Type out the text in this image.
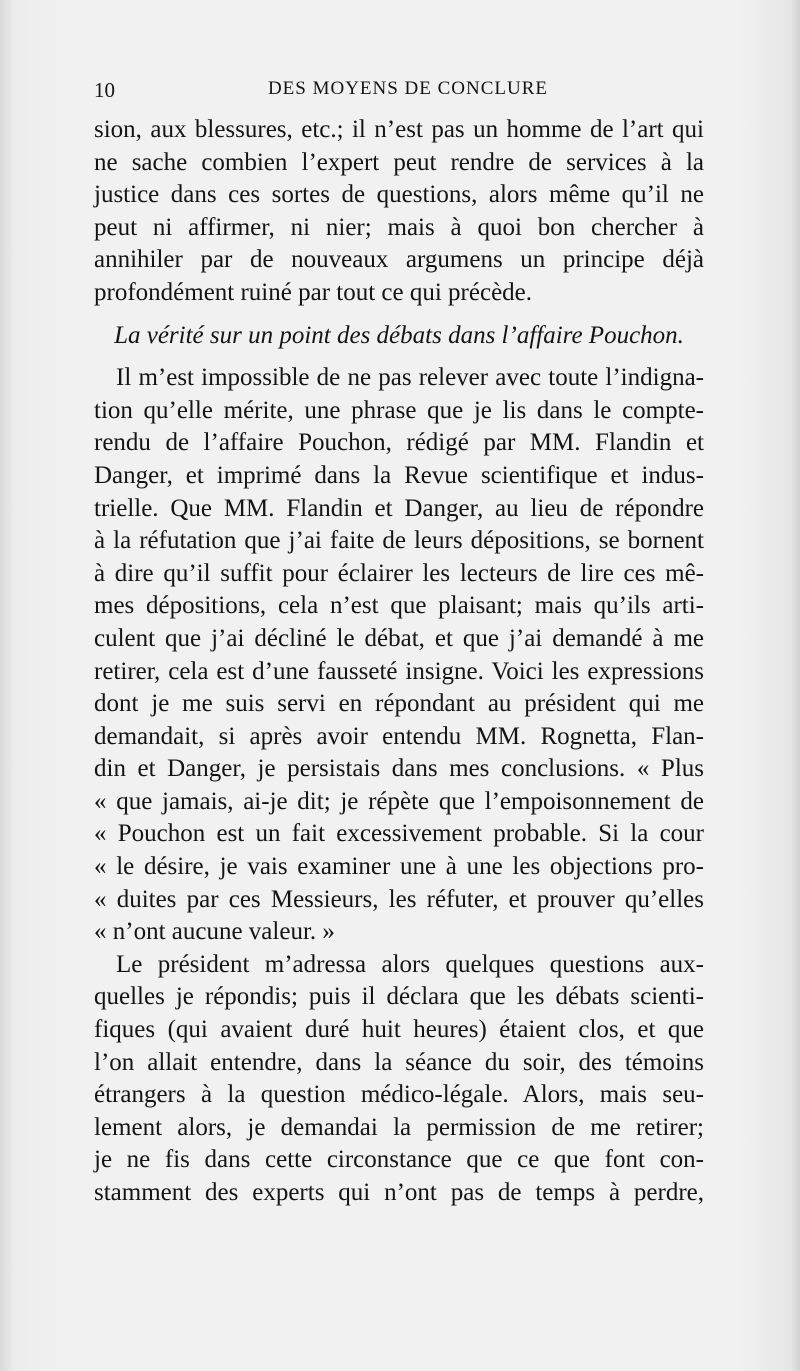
10	DES MOYENS DE CONCLURE
sion, aux blessures, etc.; il n’est pas un homme de l’art qui
ne sache combien l’expert peut rendre de services à la
justice dans ces sortes de questions, alors même qu’il ne
peut ni affirmer, ni nier; mais à quoi bon chercher à
annihiler par de nouveaux argumens un principe déjà
profondément ruiné par tout ce qui précède.
La vérité sur un point des débats dans l’affaire Pouchon.
Il m’est impossible de ne pas relever avec toute l’indigna-
tion qu’elle mérite, une phrase que je lis dans le compte-
rendu de l’affaire Pouchon, rédigé par MM. Flandin et
Danger, et imprimé dans la Revue scientifique et indus-
trielle. Que MM. Flandin et Danger, au lieu de répondre
à la réfutation que j’ai faite de leurs dépositions, se bornent
à dire qu’il suffit pour éclairer les lecteurs de lire ces mê-
mes dépositions, cela n’est que plaisant; mais qu’ils arti-
culent que j’ai décliné le débat, et que j’ai demandé à me
retirer, cela est d’une fausseté insigne. Voici les expressions
dont je me suis servi en répondant au président qui me
demandait, si après avoir entendu MM. Rognetta, Flan-
din et Danger, je persistais dans mes conclusions. « Plus
« que jamais, ai-je dit; je répète que l’empoisonnement de
« Pouchon est un fait excessivement probable. Si la cour
« le désire, je vais examiner une à une les objections pro-
« duites par ces Messieurs, les réfuter, et prouver qu’elles
« n’ont aucune valeur. »
Le président m’adressa alors quelques questions aux-
quelles je répondis; puis il déclara que les débats scienti-
fiques (qui avaient duré huit heures) étaient clos, et que
l’on allait entendre, dans la séance du soir, des témoins
étrangers à la question médico-légale. Alors, mais seu-
lement alors, je demandai la permission de me retirer;
je ne fis dans cette circonstance que ce que font con-
stamment des experts qui n’ont pas de temps à perdre,
